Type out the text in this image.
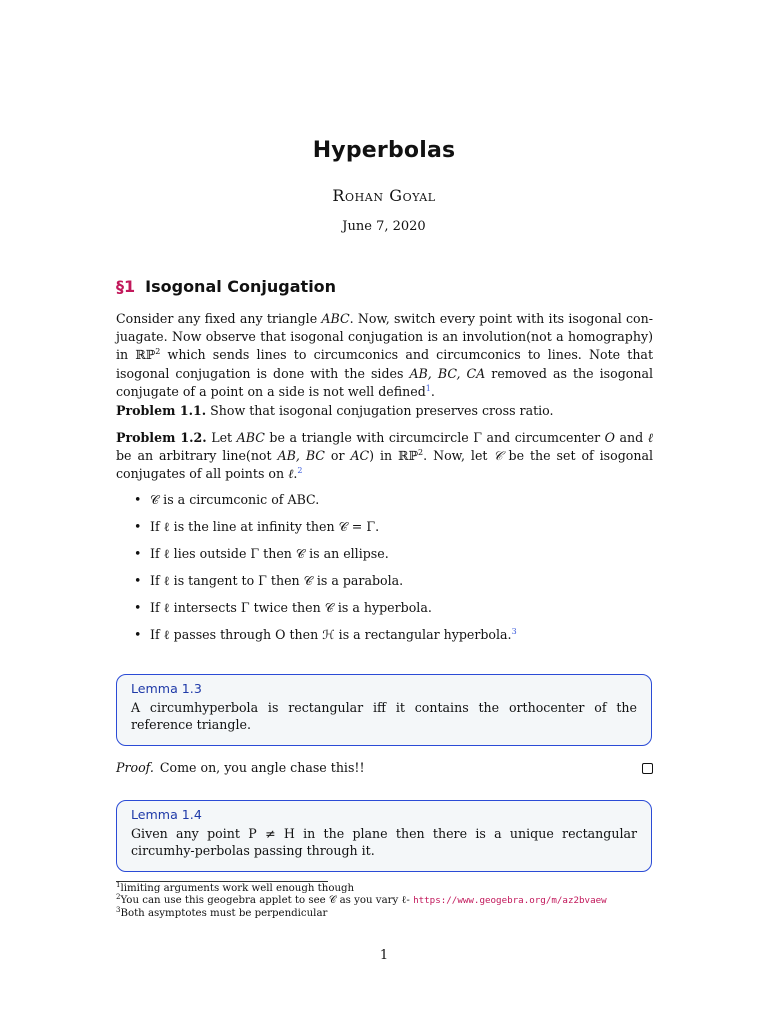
Hyperbolas
Rohan Goyal
June 7, 2020
§1 Isogonal Conjugation
Consider any fixed any triangle ABC. Now, switch every point with its isogonal con-juagate. Now observe that isogonal conjugation is an involution(not a homography) in ℝℙ$^2$ which sends lines to circumconics and circumconics to lines. Note that isogonal conjugation is done with the sides AB, BC, CA removed as the isogonal conjugate of a point on a side is not well defined$^1$.
Problem 1.1. Show that isogonal conjugation preserves cross ratio.
Problem 1.2. Let ABC be a triangle with circumcircle Γ and circumcenter O and ℓ be an arbitrary line(not AB, BC or AC) in ℝℙ$^2$. Now, let 𝒞 be the set of isogonal conjugates of all points on ℓ.$^2$
• 𝒞 is a circumconic of ABC.
• If ℓ is the line at infinity then 𝒞 = Γ.
• If ℓ lies outside Γ then 𝒞 is an ellipse.
• If ℓ is tangent to Γ then 𝒞 is a parabola.
• If ℓ intersects Γ twice then 𝒞 is a hyperbola.
• If ℓ passes through O then ℋ is a rectangular hyperbola.$^3$
Lemma 1.3
A circumhyperbola is rectangular iff it contains the orthocenter of the reference triangle.
Proof. Come on, you angle chase this!!
Lemma 1.4
Given any point P ≠ H in the plane then there is a unique rectangular circumhy-perbolas passing through it.
$^1$limiting arguments work well enough though
$^2$You can use this geogebra applet to see 𝒞 as you vary ℓ- https://www.geogebra.org/m/az2bvaew
$^3$Both asymptotes must be perpendicular
1
